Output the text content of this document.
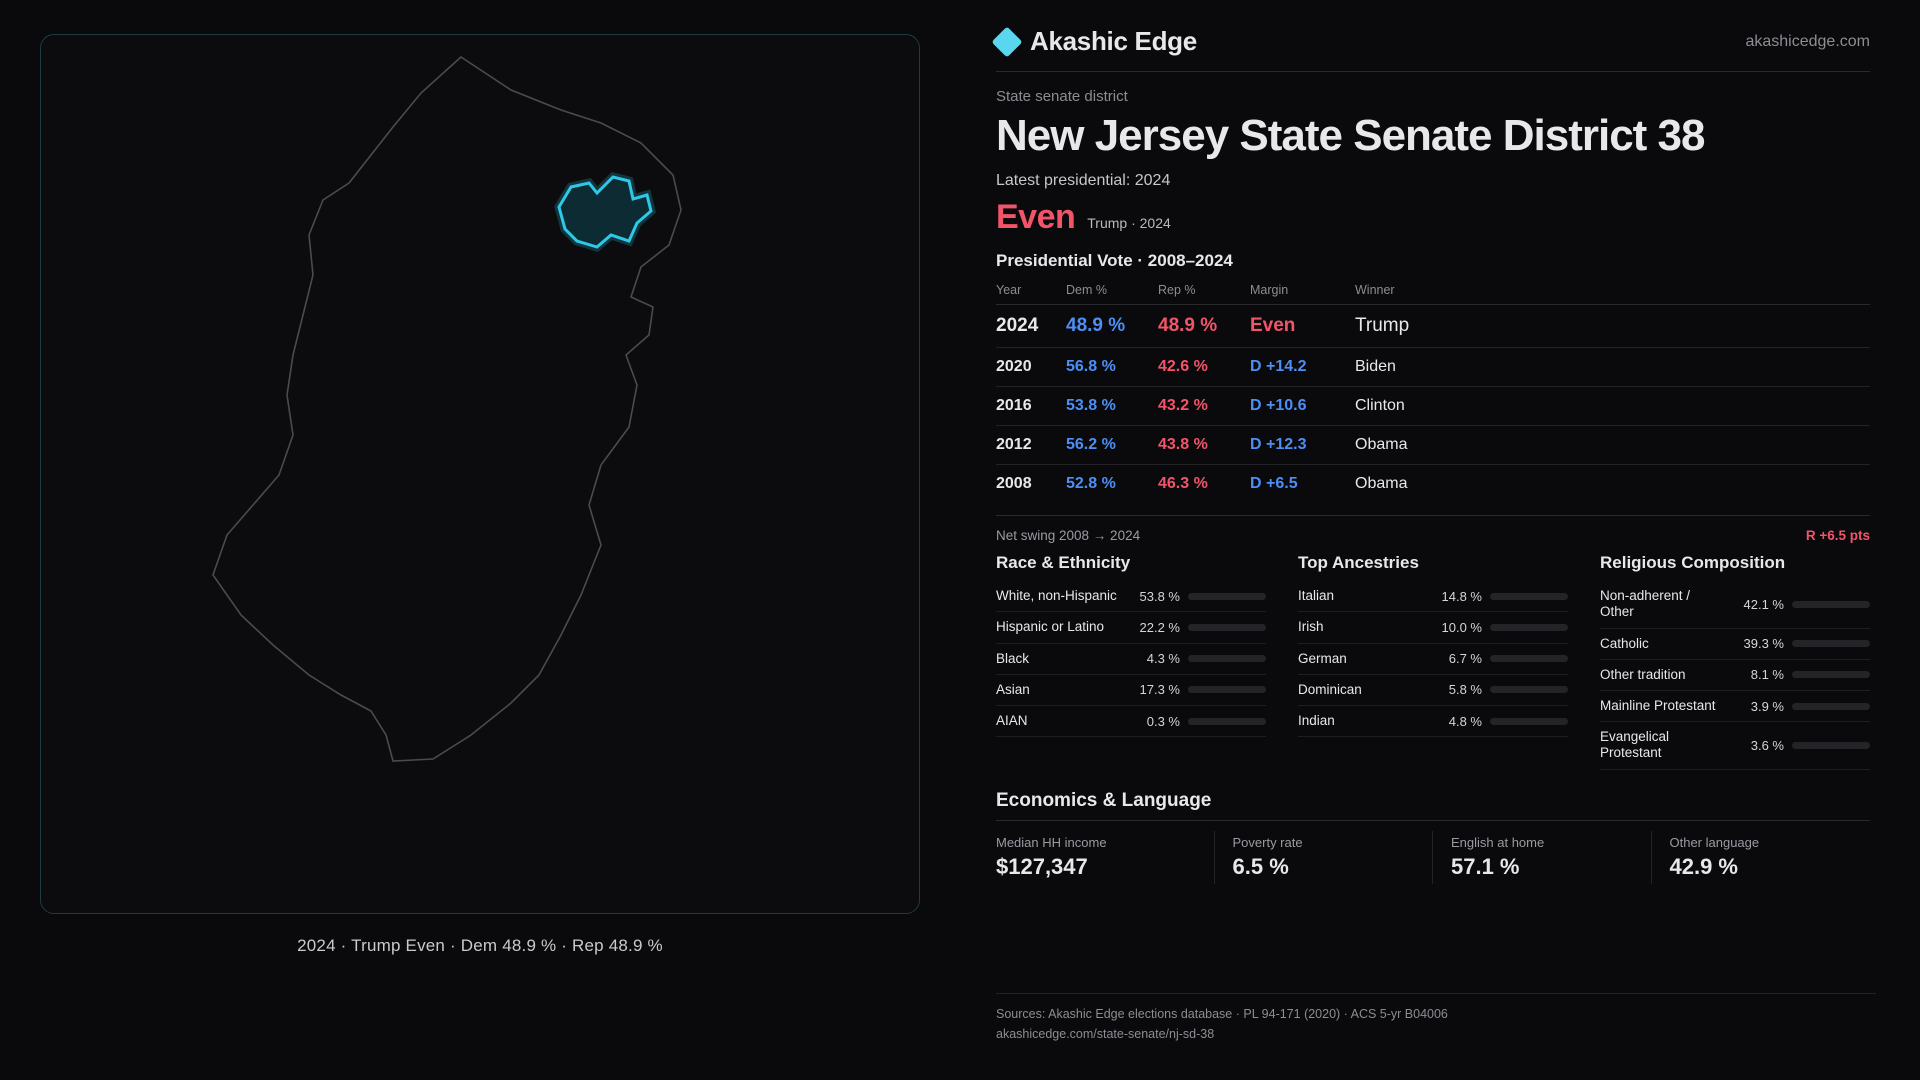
2024 · Trump Even · Dem 48.9 % · Rep 48.9 %
Akashic Edge	akashicedge.com
State senate district
New Jersey State Senate District 38
Latest presidential: 2024
Even Trump · 2024
Presidential Vote · 2008–2024
Year	Dem %	Rep %	Margin	Winner
2024	48.9 %	48.9 %	Even	Trump
2020	56.8 %	42.6 %	D +14.2	Biden
2016	53.8 %	43.2 %	D +10.6	Clinton
2012	56.2 %	43.8 %	D +12.3	Obama
2008	52.8 %	46.3 %	D +6.5	Obama
Net swing 2008 → 2024	R +6.5 pts
Race & Ethnicity
White, non-Hispanic	53.8 %
Hispanic or Latino	22.2 %
Black	4.3 %
Asian	17.3 %
AIAN	0.3 %
Top Ancestries
Italian	14.8 %
Irish	10.0 %
German	6.7 %
Dominican	5.8 %
Indian	4.8 %
Religious Composition
Non-adherent / Other	42.1 %
Catholic	39.3 %
Other tradition	8.1 %
Mainline Protestant	3.9 %
Evangelical Protestant	3.6 %
Economics & Language
Median HH income
$127,347
Poverty rate
6.5 %
English at home
57.1 %
Other language
42.9 %
Sources: Akashic Edge elections database · PL 94-171 (2020) · ACS 5-yr B04006
akashicedge.com/state-senate/nj-sd-38
